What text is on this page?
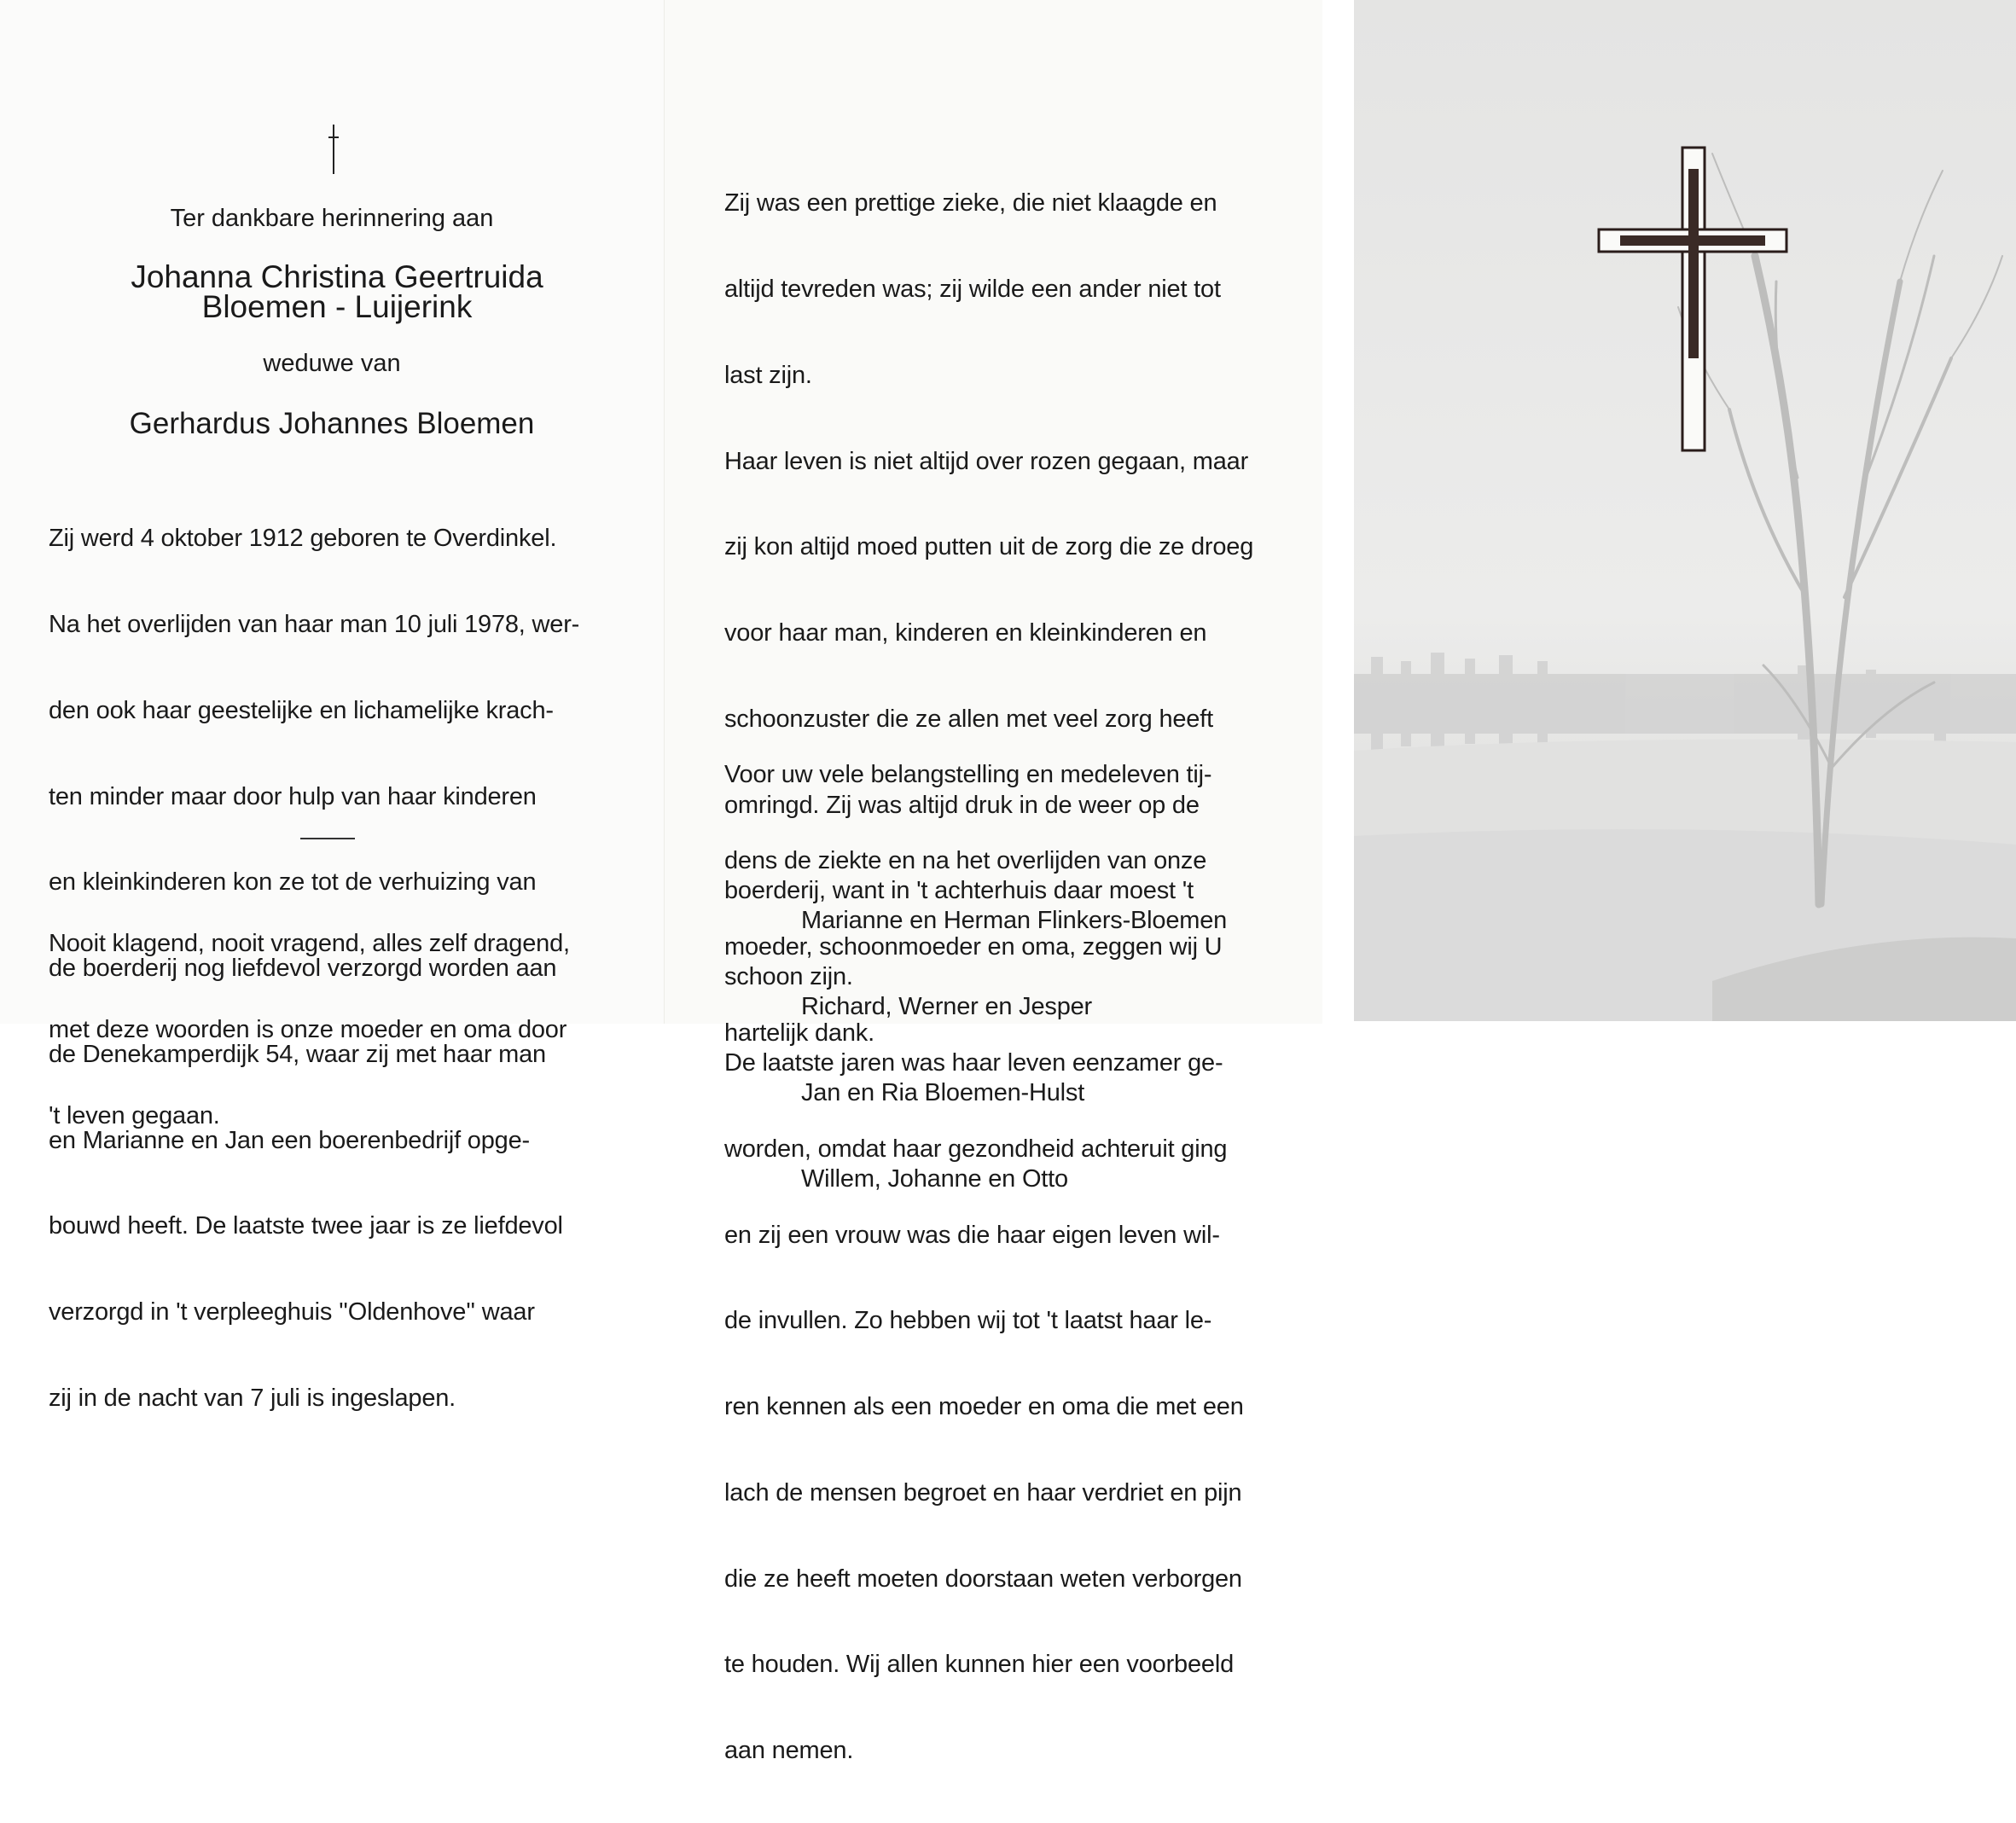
Ter dankbare herinnering aan
Johanna Christina Geertruida
Bloemen - Luijerink
weduwe van
Gerhardus Johannes Bloemen

Zij werd 4 oktober 1912 geboren te Overdinkel.

Na het overlijden van haar man 10 juli 1978, wer-

den ook haar geestelijke en lichamelijke krach-

ten minder maar door hulp van haar kinderen

en kleinkinderen kon ze tot de verhuizing van

de boerderij nog liefdevol verzorgd worden aan

de Denekamperdijk 54, waar zij met haar man

en Marianne en Jan een boerenbedrijf opge-

bouwd heeft. De laatste twee jaar is ze liefdevol

verzorgd in 't verpleeghuis ''Oldenhove'' waar

zij in de nacht van 7 juli is ingeslapen.

Nooit klagend, nooit vragend, alles zelf dragend,

met deze woorden is onze moeder en oma door

't leven gegaan.

Zij was een prettige zieke, die niet klaagde en

altijd tevreden was; zij wilde een ander niet tot

last zijn.

Haar leven is niet altijd over rozen gegaan, maar

zij kon altijd moed putten uit de zorg die ze droeg

voor haar man, kinderen en kleinkinderen en

schoonzuster die ze allen met veel zorg heeft

omringd. Zij was altijd druk in de weer op de

boerderij, want in 't achterhuis daar moest 't

schoon zijn.

De laatste jaren was haar leven eenzamer ge-

worden, omdat haar gezondheid achteruit ging

en zij een vrouw was die haar eigen leven wil-

de invullen. Zo hebben wij tot 't laatst haar le-

ren kennen als een moeder en oma die met een

lach de mensen begroet en haar verdriet en pijn

die ze heeft moeten doorstaan weten verborgen

te houden. Wij allen kunnen hier een voorbeeld

aan nemen.

Voor uw vele belangstelling en medeleven tij-

dens de ziekte en na het overlijden van onze

moeder, schoonmoeder en oma, zeggen wij U

hartelijk dank.

Marianne en Herman Flinkers-Bloemen

Richard, Werner en Jesper

Jan en Ria Bloemen-Hulst

Willem, Johanne en Otto
